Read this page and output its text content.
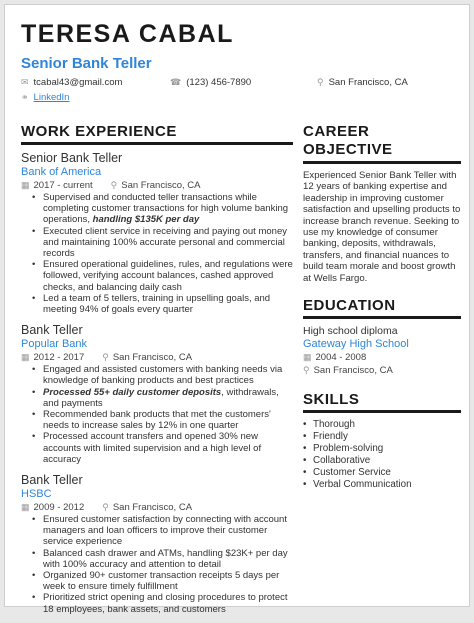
TERESA CABAL
Senior Bank Teller
✉ tcabal43@gmail.com	☎ (123) 456-7890	⚲ San Francisco, CA
⚭ LinkedIn
WORK EXPERIENCE
Senior Bank Teller
Bank of America
▦ 2017 - current ⚲ San Francisco, CA
• Supervised and conducted teller transactions while completing customer transactions for high volume banking operations, handling $135K per day
• Executed client service in receiving and paying out money and maintaining 100% accurate personal and commercial records
• Ensured operational guidelines, rules, and regulations were followed, verifying account balances, cashed approved checks, and balancing daily cash
• Led a team of 5 tellers, training in upselling goals, and meeting 94% of goals every quarter
Bank Teller
Popular Bank
▦ 2012 - 2017 ⚲ San Francisco, CA
• Engaged and assisted customers with banking needs via knowledge of banking products and best practices
• Processed 55+ daily customer deposits, withdrawals, and payments
• Recommended bank products that met the customers' needs to increase sales by 12% in one quarter
• Processed account transfers and opened 30% new accounts with limited supervision and a high level of accuracy
Bank Teller
HSBC
▦ 2009 - 2012 ⚲ San Francisco, CA
• Ensured customer satisfaction by connecting with account managers and loan officers to improve their customer service experience
• Balanced cash drawer and ATMs, handling $23K+ per day with 100% accuracy and attention to detail
• Organized 90+ customer transaction receipts 5 days per week to ensure timely fulfillment
• Prioritized strict opening and closing procedures to protect 18 employees, bank assets, and customers
CAREER OBJECTIVE
Experienced Senior Bank Teller with 12 years of banking expertise and leadership in improving customer satisfaction and upselling products to increase branch revenue. Seeking to use my knowledge of consumer banking, deposits, withdrawals, transfers, and financial nuances to build team morale and boost growth at Wells Fargo.
EDUCATION
High school diploma
Gateway High School
▦ 2004 - 2008
⚲ San Francisco, CA
SKILLS
• Thorough
• Friendly
• Problem-solving
• Collaborative
• Customer Service
• Verbal Communication
